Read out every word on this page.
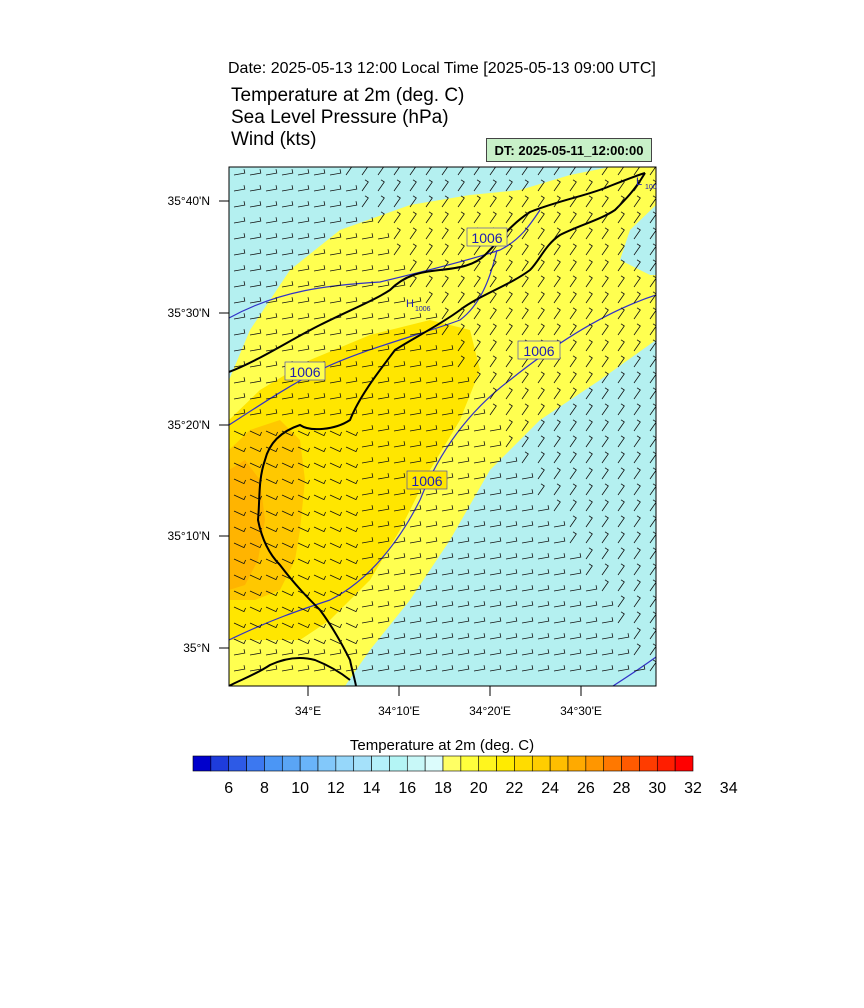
Date: 2025-05-13 12:00 Local Time [2025-05-13 09:00 UTC]
Temperature at 2m (deg. C)
Sea Level Pressure (hPa)
Wind (kts)	DT: 2025-05-11_12:00:00
1006
1006
1006
1006
H 1006
L 100
35°40'N
35°30'N
35°20'N
35°10'N
35°N
34°E	34°10'E	34°20'E	34°30'E
Temperature at 2m (deg. C)
6	8	10	12	14	16	18	20	22	24	26	28	30	32	34
